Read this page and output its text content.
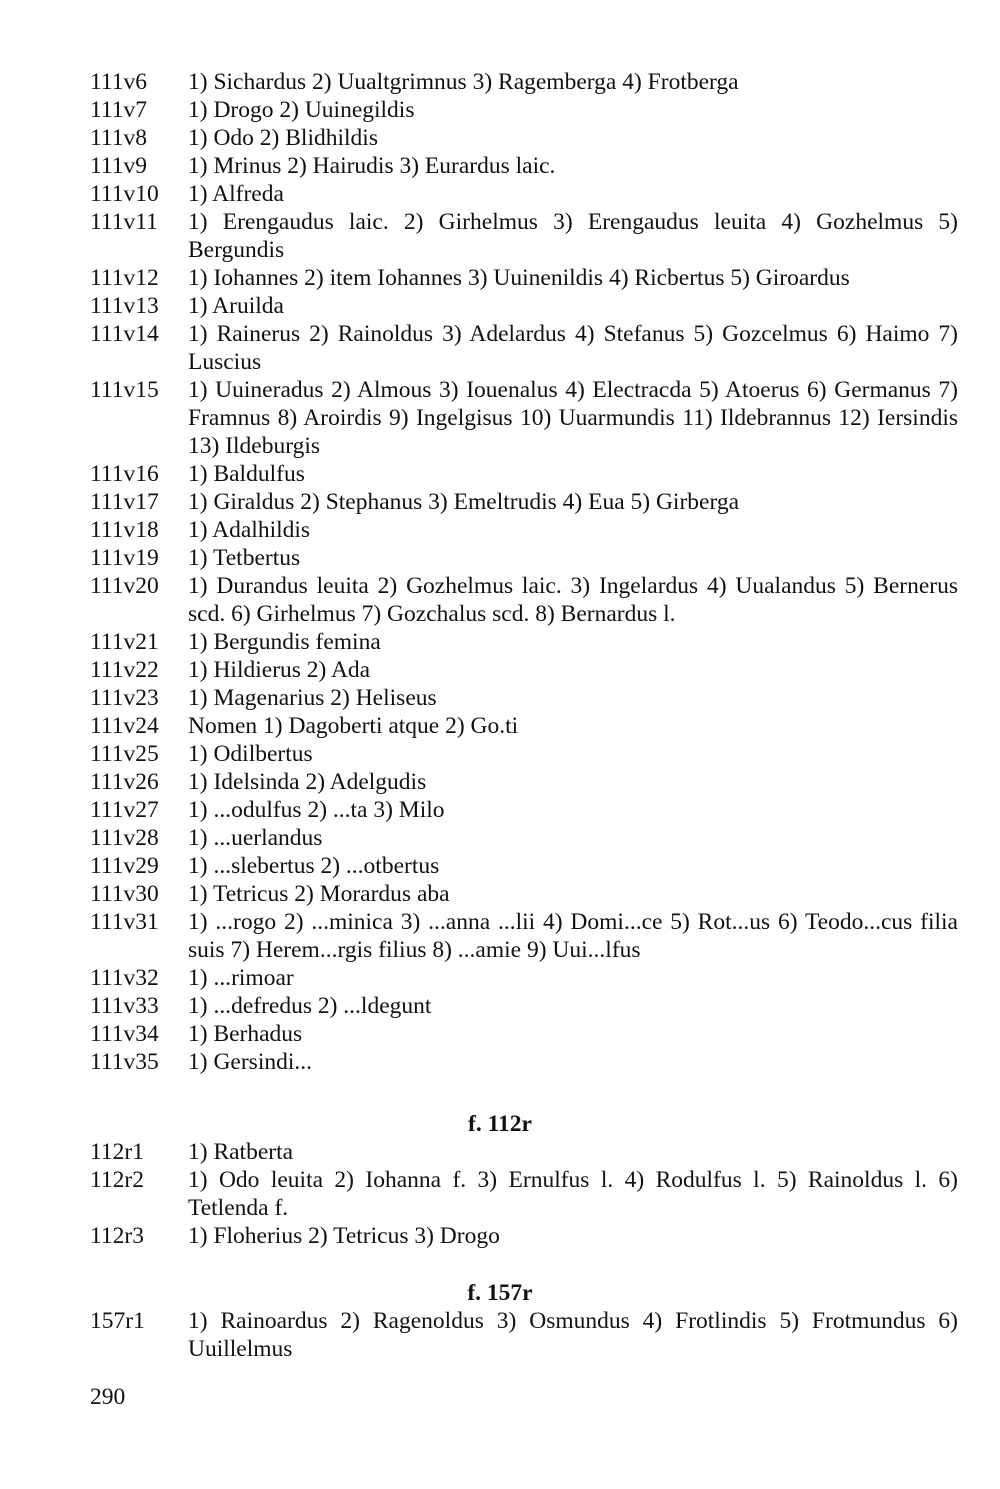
111v6	1) Sichardus 2) Uualtgrimnus 3) Ragemberga 4) Frotberga
111v7	1) Drogo 2) Uuinegildis
111v8	1) Odo 2) Blidhildis
111v9	1) Mrinus 2) Hairudis 3) Eurardus laic.
111v10	1) Alfreda
111v11	1) Erengaudus laic. 2) Girhelmus 3) Erengaudus leuita 4) Gozhelmus 5) Bergundis
111v12	1) Iohannes 2) item Iohannes 3) Uuinenildis 4) Ricbertus 5) Giroardus
111v13	1) Aruilda
111v14	1) Rainerus 2) Rainoldus 3) Adelardus 4) Stefanus 5) Gozcelmus 6) Haimo 7) Luscius
111v15	1) Uuineradus 2) Almous 3) Iouenalus 4) Electracda 5) Atoerus 6) Germanus 7) Framnus 8) Aroirdis 9) Ingelgisus 10) Uuarmundis 11) Ildebrannus 12) Iersindis 13) Ildeburgis
111v16	1) Baldulfus
111v17	1) Giraldus 2) Stephanus 3) Emeltrudis 4) Eua 5) Girberga
111v18	1) Adalhildis
111v19	1) Tetbertus
111v20	1) Durandus leuita 2) Gozhelmus laic. 3) Ingelardus 4) Uualandus 5) Bernerus scd. 6) Girhelmus 7) Gozchalus scd. 8) Bernardus l.
111v21	1) Bergundis femina
111v22	1) Hildierus 2) Ada
111v23	1) Magenarius 2) Heliseus
111v24	Nomen 1) Dagoberti atque 2) Go.ti
111v25	1) Odilbertus
111v26	1) Idelsinda 2) Adelgudis
111v27	1) ...odulfus 2) ...ta 3) Milo
111v28	1) ...uerlandus
111v29	1) ...slebertus 2) ...otbertus
111v30	1) Tetricus 2) Morardus aba
111v31	1) ...rogo 2) ...minica 3) ...anna ...lii 4) Domi...ce 5) Rot...us 6) Teodo...cus filia suis 7) Herem...rgis filius 8) ...amie 9) Uui...lfus
111v32	1) ...rimoar
111v33	1) ...defredus 2) ...ldegunt
111v34	1) Berhadus
111v35	1) Gersindi...
f. 112r
112r1	1) Ratberta
112r2	1) Odo leuita 2) Iohanna f. 3) Ernulfus l. 4) Rodulfus l. 5) Rainoldus l. 6) Tetlenda f.
112r3	1) Floherius 2) Tetricus 3) Drogo
f. 157r
157r1	1) Rainoardus 2) Ragenoldus 3) Osmundus 4) Frotlindis 5) Frotmundus 6) Uuillelmus
290
